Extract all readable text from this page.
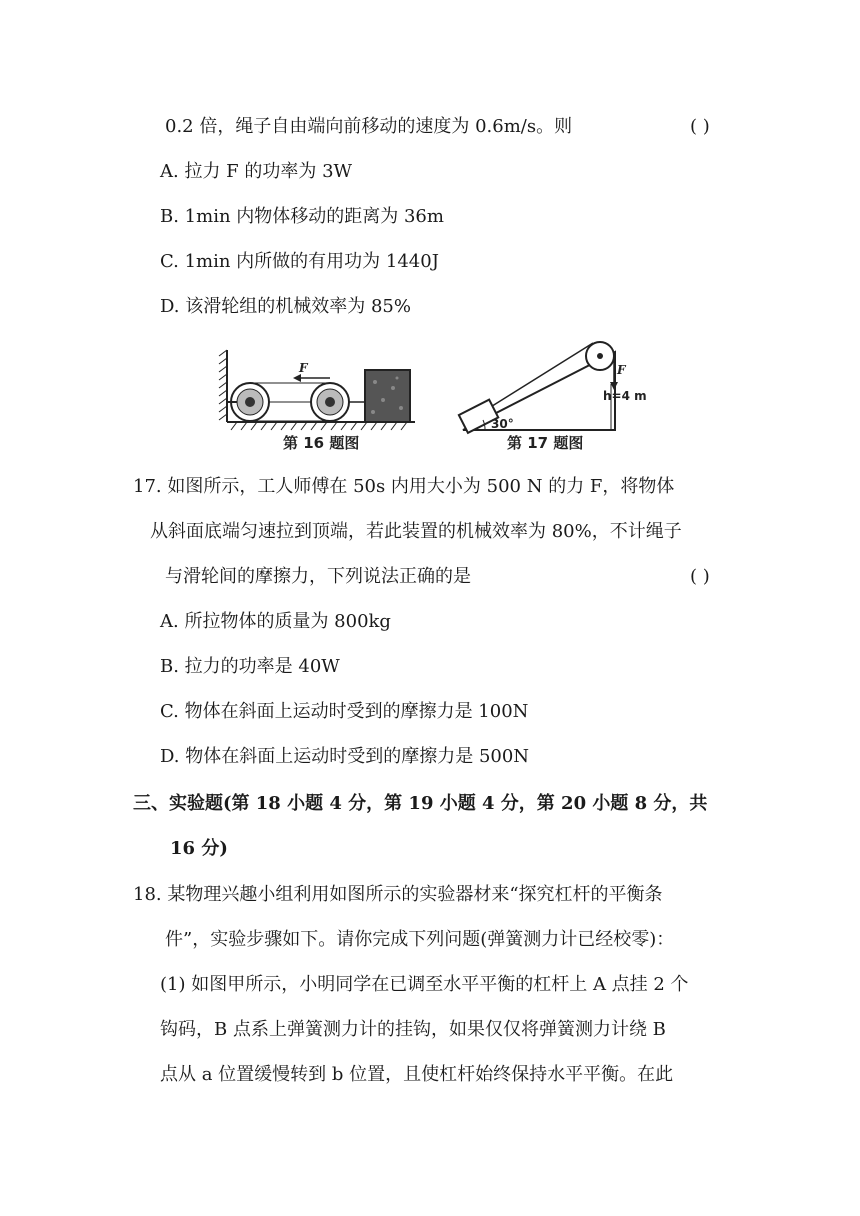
0.2 倍，绳子自由端向前移动的速度为 0.6m/s。则	( )
A. 拉力 F 的功率为 3W
B. 1min 内物体移动的距离为 36m
C. 1min 内所做的有用功为 1440J
D. 该滑轮组的机械效率为 85%
F
第 16 题图
F
h=4 m
30°
第 17 题图
17. 如图所示，工人师傅在 50s 内用大小为 500 N 的力 F，将物体
从斜面底端匀速拉到顶端，若此装置的机械效率为 80%，不计绳子
与滑轮间的摩擦力，下列说法正确的是	( )
A. 所拉物体的质量为 800kg
B. 拉力的功率是 40W
C. 物体在斜面上运动时受到的摩擦力是 100N
D. 物体在斜面上运动时受到的摩擦力是 500N
三、实验题(第 18 小题 4 分，第 19 小题 4 分，第 20 小题 8 分，共
16 分)
18. 某物理兴趣小组利用如图所示的实验器材来“探究杠杆的平衡条
件”，实验步骤如下。请你完成下列问题(弹簧测力计已经校零)：
(1) 如图甲所示，小明同学在已调至水平平衡的杠杆上 A 点挂 2 个
钩码，B 点系上弹簧测力计的挂钩，如果仅仅将弹簧测力计绕 B
点从 a 位置缓慢转到 b 位置，且使杠杆始终保持水平平衡。在此
